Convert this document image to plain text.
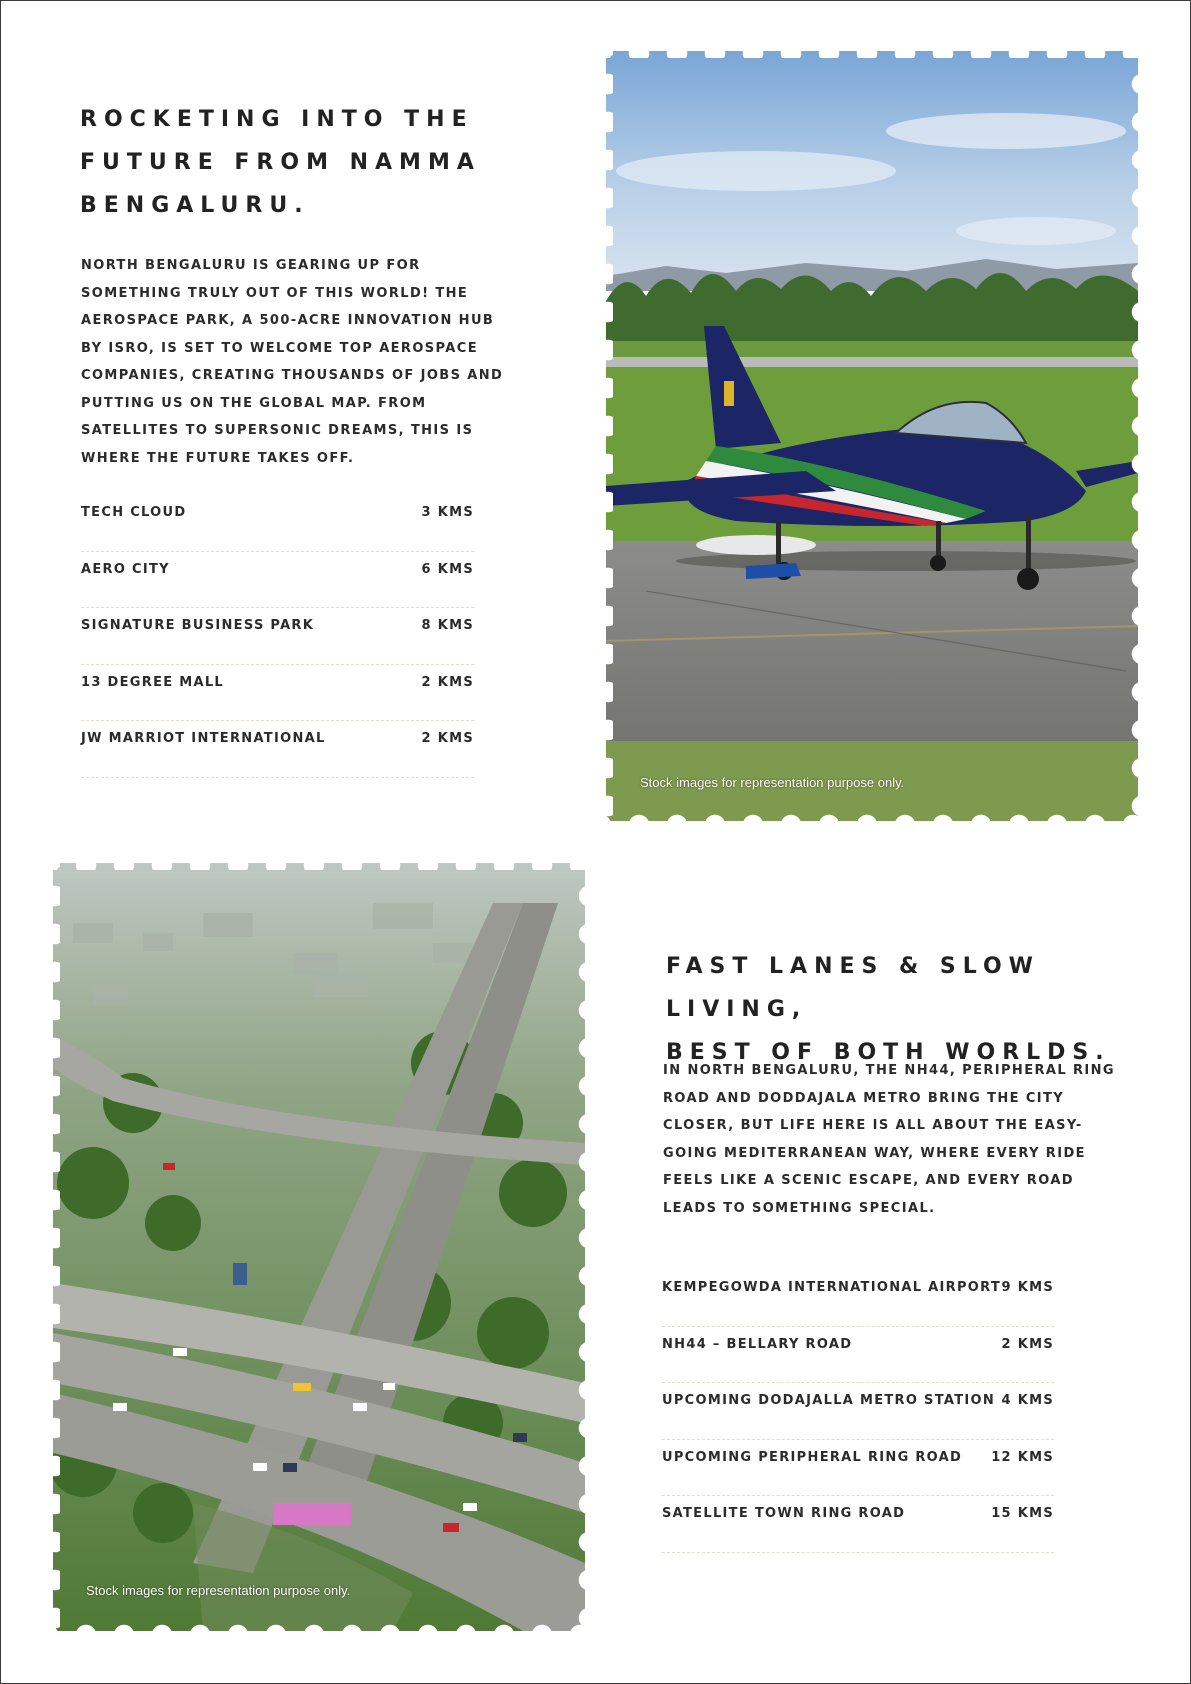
ROCKETING INTO THE
FUTURE FROM NAMMA
BENGALURU.

NORTH BENGALURU IS GEARING UP FOR SOMETHING TRULY OUT OF THIS WORLD! THE AEROSPACE PARK, A 500-ACRE INNOVATION HUB BY ISRO, IS SET TO WELCOME TOP AEROSPACE COMPANIES, CREATING THOUSANDS OF JOBS AND PUTTING US ON THE GLOBAL MAP. FROM SATELLITES TO SUPERSONIC DREAMS, THIS IS WHERE THE FUTURE TAKES OFF.

TECH CLOUD	3 KMS
AERO CITY	6 KMS
SIGNATURE BUSINESS PARK	8 KMS
13 DEGREE MALL	2 KMS
JW MARRIOT INTERNATIONAL	2 KMS
Stock images for representation purpose only.
Stock images for representation purpose only.
FAST LANES & SLOW LIVING,
BEST OF BOTH WORLDS.

IN NORTH BENGALURU, THE NH44, PERIPHERAL RING ROAD AND DODDAJALA METRO BRING THE CITY CLOSER, BUT LIFE HERE IS ALL ABOUT THE EASY-GOING MEDITERRANEAN WAY, WHERE EVERY RIDE FEELS LIKE A SCENIC ESCAPE, AND EVERY ROAD LEADS TO SOMETHING SPECIAL.

KEMPEGOWDA INTERNATIONAL AIRPORT 9 KMS
NH44 – BELLARY ROAD	2 KMS
UPCOMING DODAJALLA METRO STATION 4 KMS
UPCOMING PERIPHERAL RING ROAD 12 KMS
SATELLITE TOWN RING ROAD	15 KMS
